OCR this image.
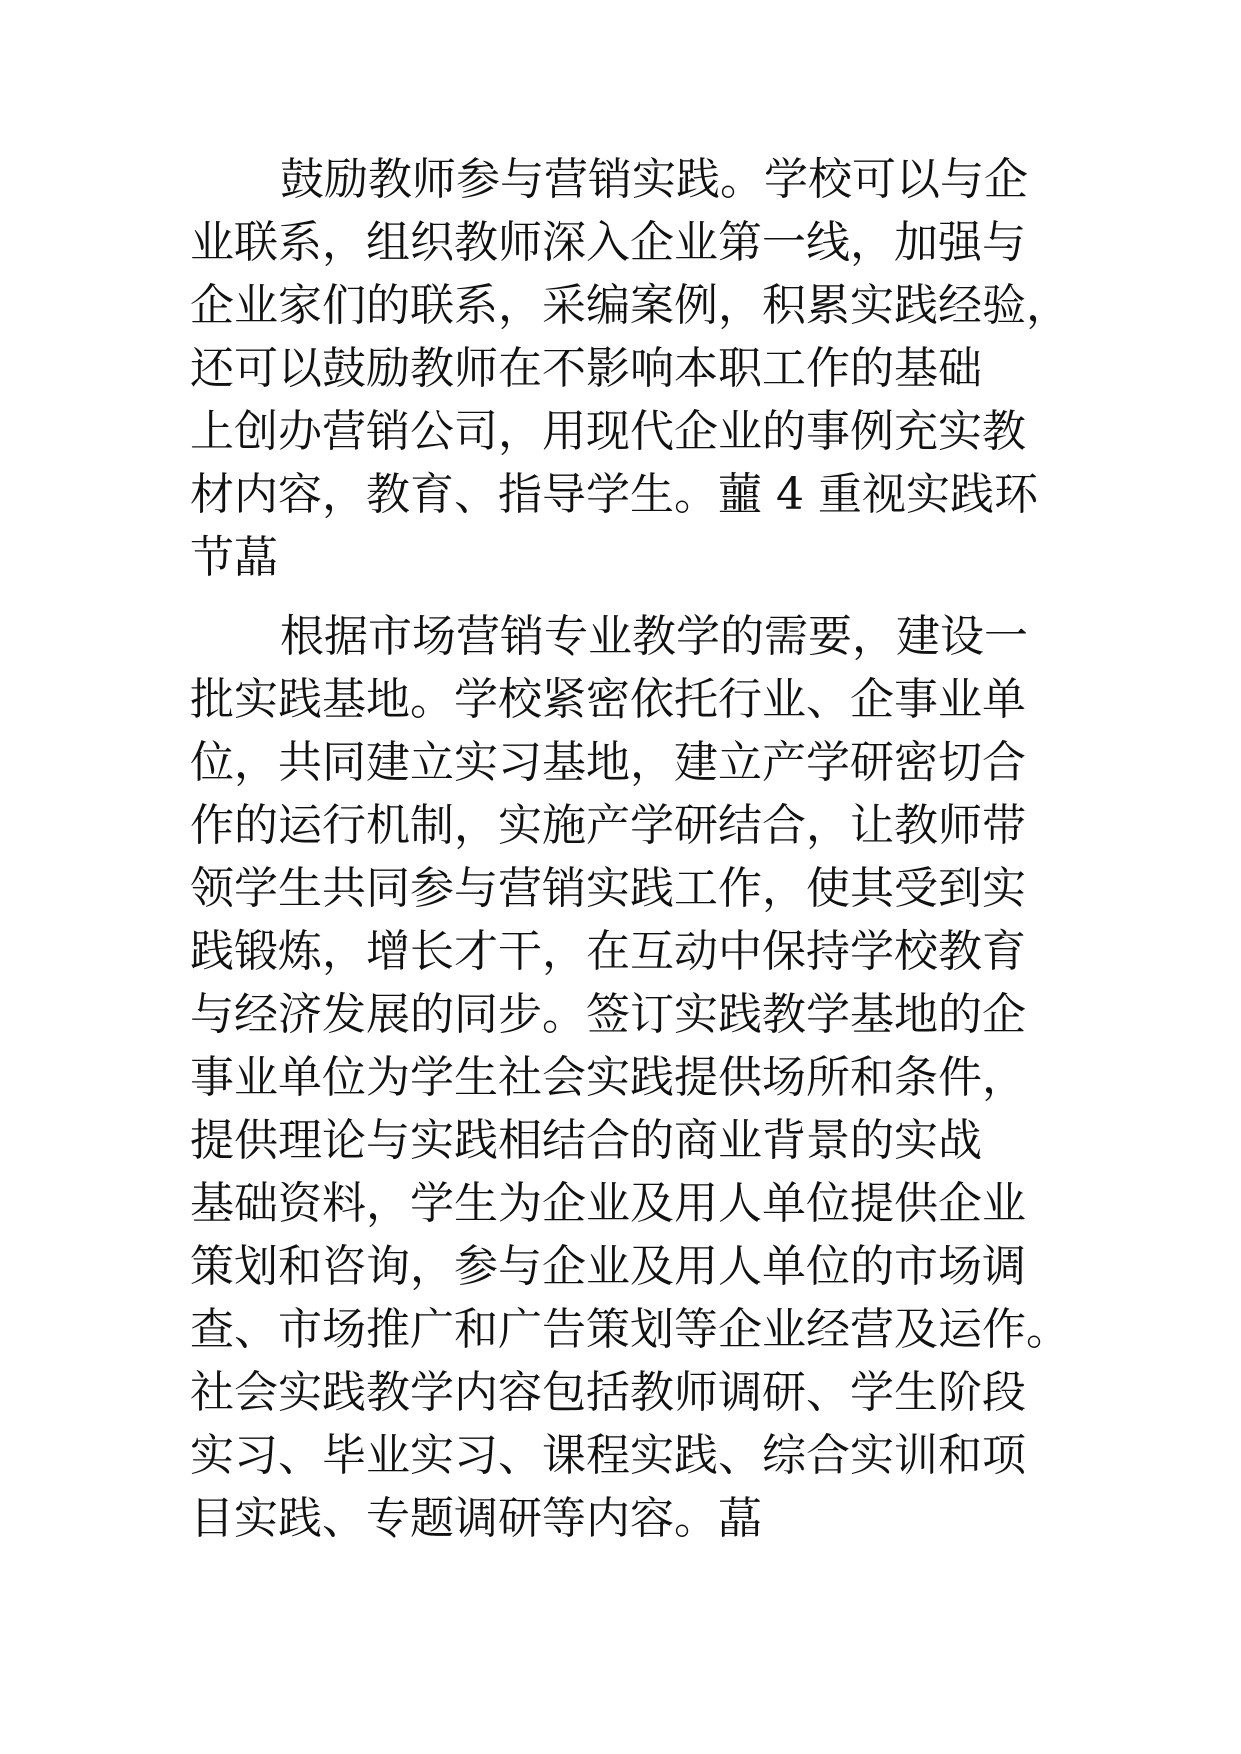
鼓励教师参与营销实践。学校可以与企
业联系，组织教师深入企业第一线，加强与
企业家们的联系，采编案例，积累实践经验，
还可以鼓励教师在不影响本职工作的基础
上创办营销公司，用现代企业的事例充实教
材内容，教育、指导学生。蘁 4 重视实践环
节蕌
根据市场营销专业教学的需要，建设一
批实践基地。学校紧密依托行业、企事业单
位，共同建立实习基地，建立产学研密切合
作的运行机制，实施产学研结合，让教师带
领学生共同参与营销实践工作，使其受到实
践锻炼，增长才干，在互动中保持学校教育
与经济发展的同步。签订实践教学基地的企
事业单位为学生社会实践提供场所和条件，
提供理论与实践相结合的商业背景的实战
基础资料，学生为企业及用人单位提供企业
策划和咨询，参与企业及用人单位的市场调
查、市场推广和广告策划等企业经营及运作。
社会实践教学内容包括教师调研、学生阶段
实习、毕业实习、课程实践、综合实训和项
目实践、专题调研等内容。蕌
